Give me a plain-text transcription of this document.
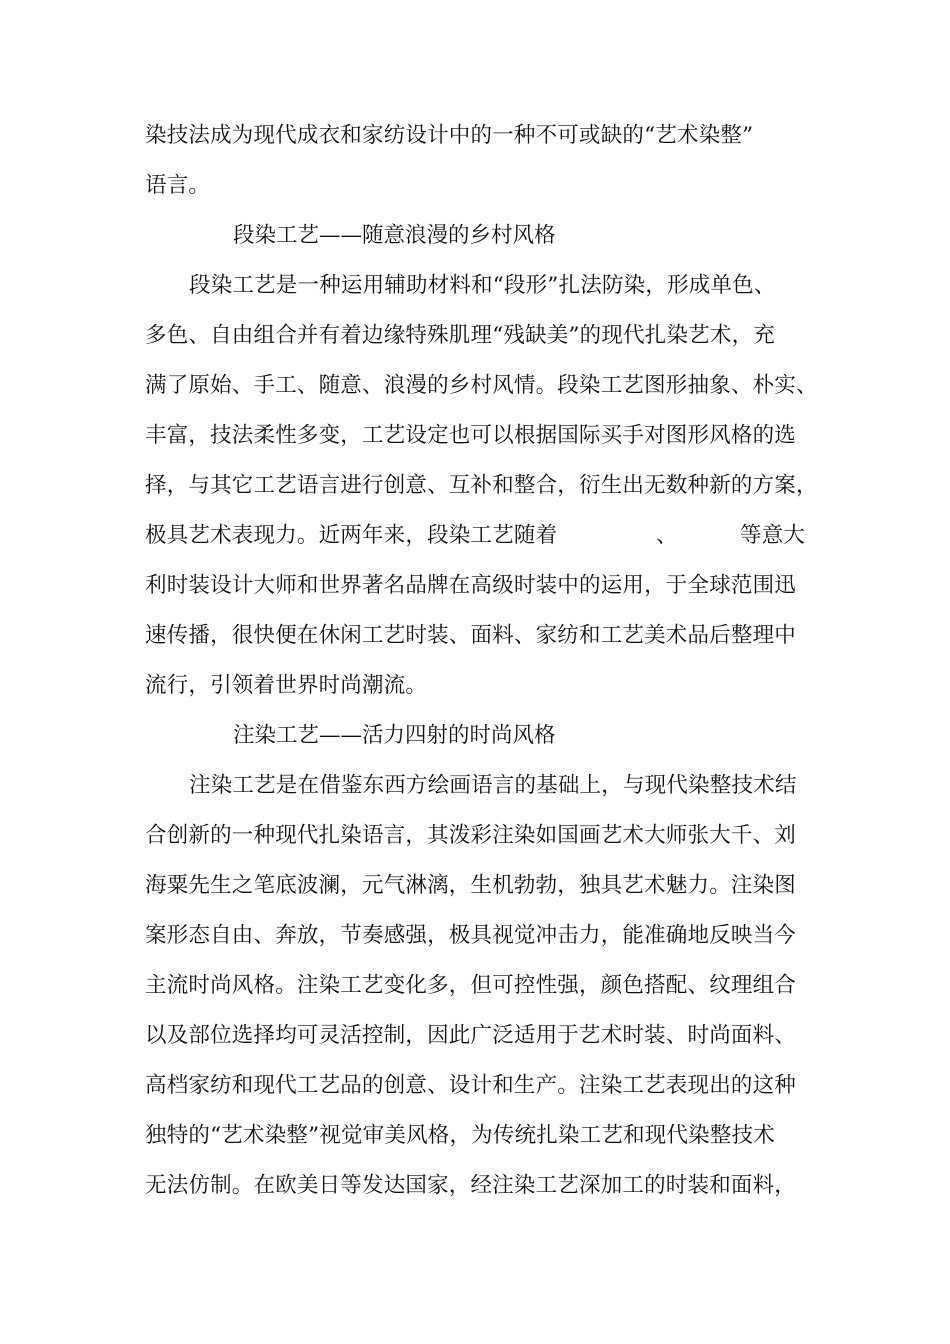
染技法成为现代成衣和家纺设计中的一种不可或缺的“艺术染整”
语言。
段染工艺——随意浪漫的乡村风格
段染工艺是一种运用辅助材料和“段形”扎法防染，形成单色、
多色、自由组合并有着边缘特殊肌理“残缺美”的现代扎染艺术，充
满了原始、手工、随意、浪漫的乡村风情。段染工艺图形抽象、朴实、
丰富，技法柔性多变，工艺设定也可以根据国际买手对图形风格的选
择，与其它工艺语言进行创意、互补和整合，衍生出无数种新的方案，
极具艺术表现力。近两年来，段染工艺随着	、	等意大
利时装设计大师和世界著名品牌在高级时装中的运用，于全球范围迅
速传播，很快便在休闲工艺时装、面料、家纺和工艺美术品后整理中
流行，引领着世界时尚潮流。
注染工艺——活力四射的时尚风格
注染工艺是在借鉴东西方绘画语言的基础上，与现代染整技术结
合创新的一种现代扎染语言，其泼彩注染如国画艺术大师张大千、刘
海粟先生之笔底波澜，元气淋漓，生机勃勃，独具艺术魅力。注染图
案形态自由、奔放，节奏感强，极具视觉冲击力，能准确地反映当今
主流时尚风格。注染工艺变化多，但可控性强，颜色搭配、纹理组合
以及部位选择均可灵活控制，因此广泛适用于艺术时装、时尚面料、
高档家纺和现代工艺品的创意、设计和生产。注染工艺表现出的这种
独特的“艺术染整”视觉审美风格，为传统扎染工艺和现代染整技术
无法仿制。在欧美日等发达国家，经注染工艺深加工的时装和面料，
